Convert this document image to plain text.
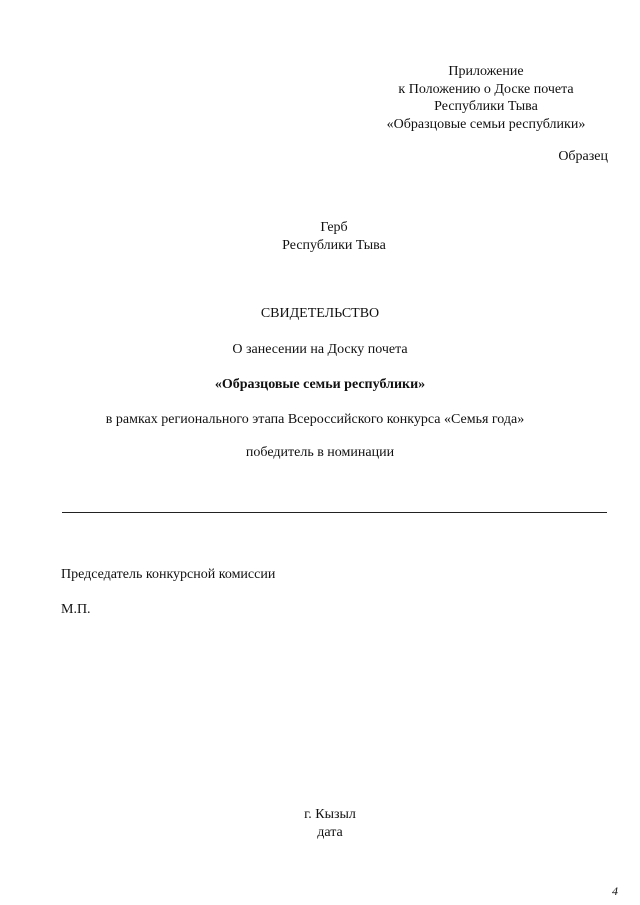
Приложение
к Положению о Доске почета
Республики Тыва
«Образцовые семьи республики»
Образец
Герб
Республики Тыва
СВИДЕТЕЛЬСТВО
О занесении на Доску почета
«Образцовые семьи республики»
в рамках регионального этапа Всероссийского конкурса «Семья года»
победитель в номинации
Председатель конкурсной комиссии
М.П.
г. Кызыл
дата
4
